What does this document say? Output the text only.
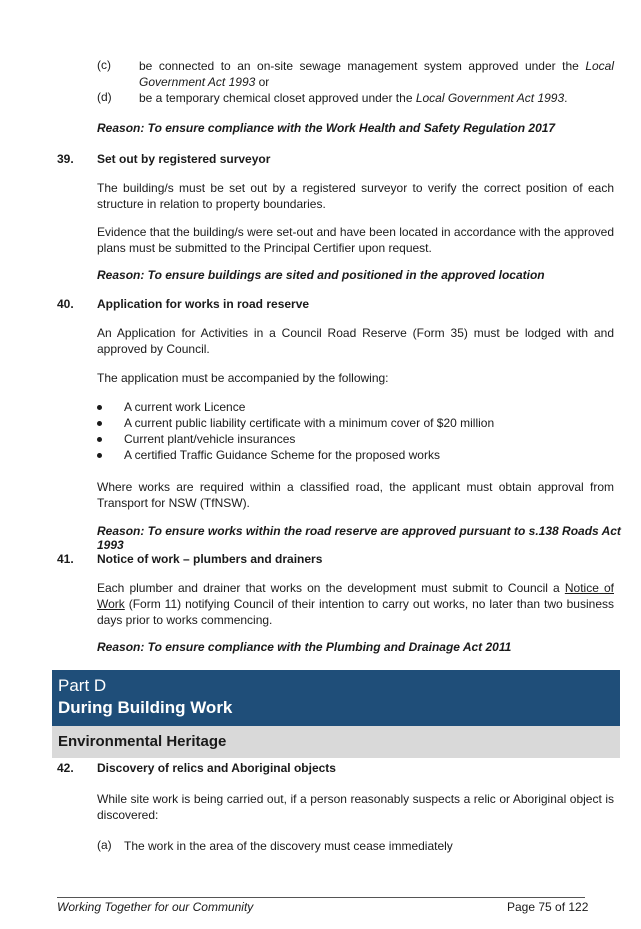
(c) be connected to an on-site sewage management system approved under the Local Government Act 1993 or
(d) be a temporary chemical closet approved under the Local Government Act 1993.
Reason: To ensure compliance with the Work Health and Safety Regulation 2017
39. Set out by registered surveyor
The building/s must be set out by a registered surveyor to verify the correct position of each structure in relation to property boundaries.
Evidence that the building/s were set-out and have been located in accordance with the approved plans must be submitted to the Principal Certifier upon request.
Reason: To ensure buildings are sited and positioned in the approved location
40. Application for works in road reserve
An Application for Activities in a Council Road Reserve (Form 35) must be lodged with and approved by Council.
The application must be accompanied by the following:
A current work Licence
A current public liability certificate with a minimum cover of $20 million
Current plant/vehicle insurances
A certified Traffic Guidance Scheme for the proposed works
Where works are required within a classified road, the applicant must obtain approval from Transport for NSW (TfNSW).
Reason: To ensure works within the road reserve are approved pursuant to s.138 Roads Act 1993
41. Notice of work – plumbers and drainers
Each plumber and drainer that works on the development must submit to Council a Notice of Work (Form 11) notifying Council of their intention to carry out works, no later than two business days prior to works commencing.
Reason: To ensure compliance with the Plumbing and Drainage Act 2011
Part D
During Building Work
Environmental Heritage
42. Discovery of relics and Aboriginal objects
While site work is being carried out, if a person reasonably suspects a relic or Aboriginal object is discovered:
(a) The work in the area of the discovery must cease immediately
Working Together for our Community	Page 75 of 122
